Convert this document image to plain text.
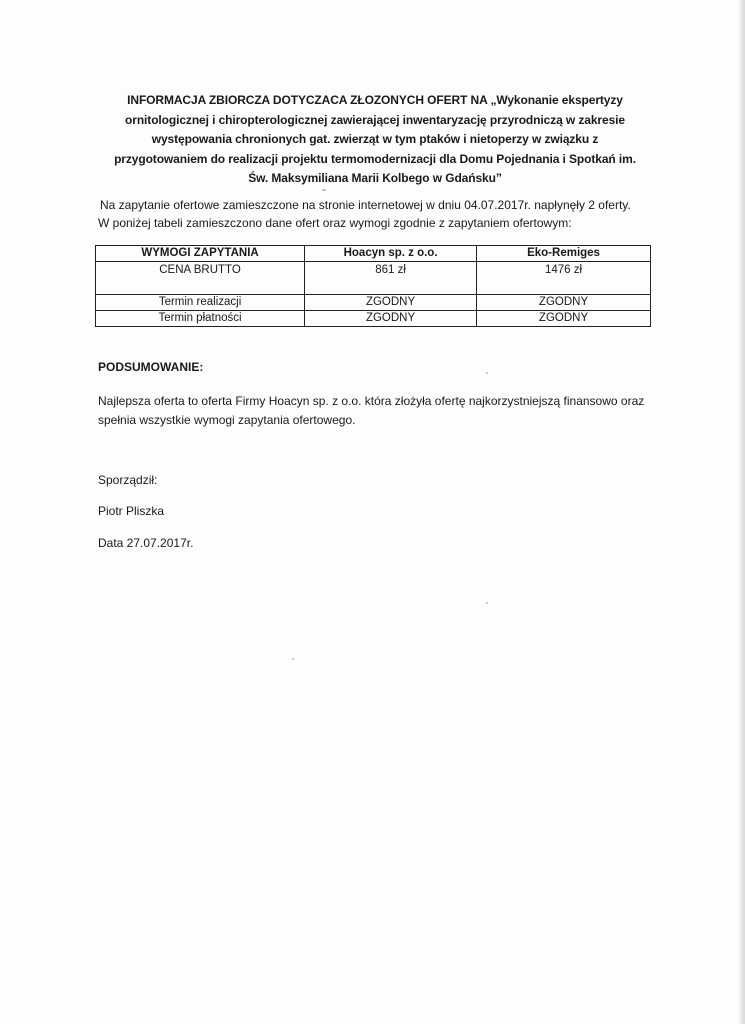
INFORMACJA ZBIORCZA DOTYCZACA ZŁOZONYCH OFERT NA „Wykonanie ekspertyzy ornitologicznej i chiropterologicznej zawierającej inwentaryzację przyrodniczą w zakresie występowania chronionych gat. zwierząt w tym ptaków i nietoperzy w związku z przygotowaniem do realizacji projektu termomodernizacji dla Domu Pojednania i Spotkań im. Św. Maksymiliana Marii Kolbego w Gdańsku”

Na zapytanie ofertowe zamieszczone na stronie internetowej w dniu 04.07.2017r. napłynęły 2 oferty.

W poniżej tabeli zamieszczono dane ofert oraz wymogi zgodnie z zapytaniem ofertowym:

WYMOGI ZAPYTANIA	Hoacyn sp. z o.o.	Eko-Remiges
CENA BRUTTO	861 zł	1476 zł
Termin realizacji	ZGODNY	ZGODNY
Termin płatności	ZGODNY	ZGODNY
PODSUMOWANIE:
Najlepsza oferta to oferta Firmy Hoacyn sp. z o.o. która złożyła ofertę najkorzystniejszą finansowo oraz spełnia wszystkie wymogi zapytania ofertowego.
Sporządził:
Piotr Pliszka
Data 27.07.2017r.
